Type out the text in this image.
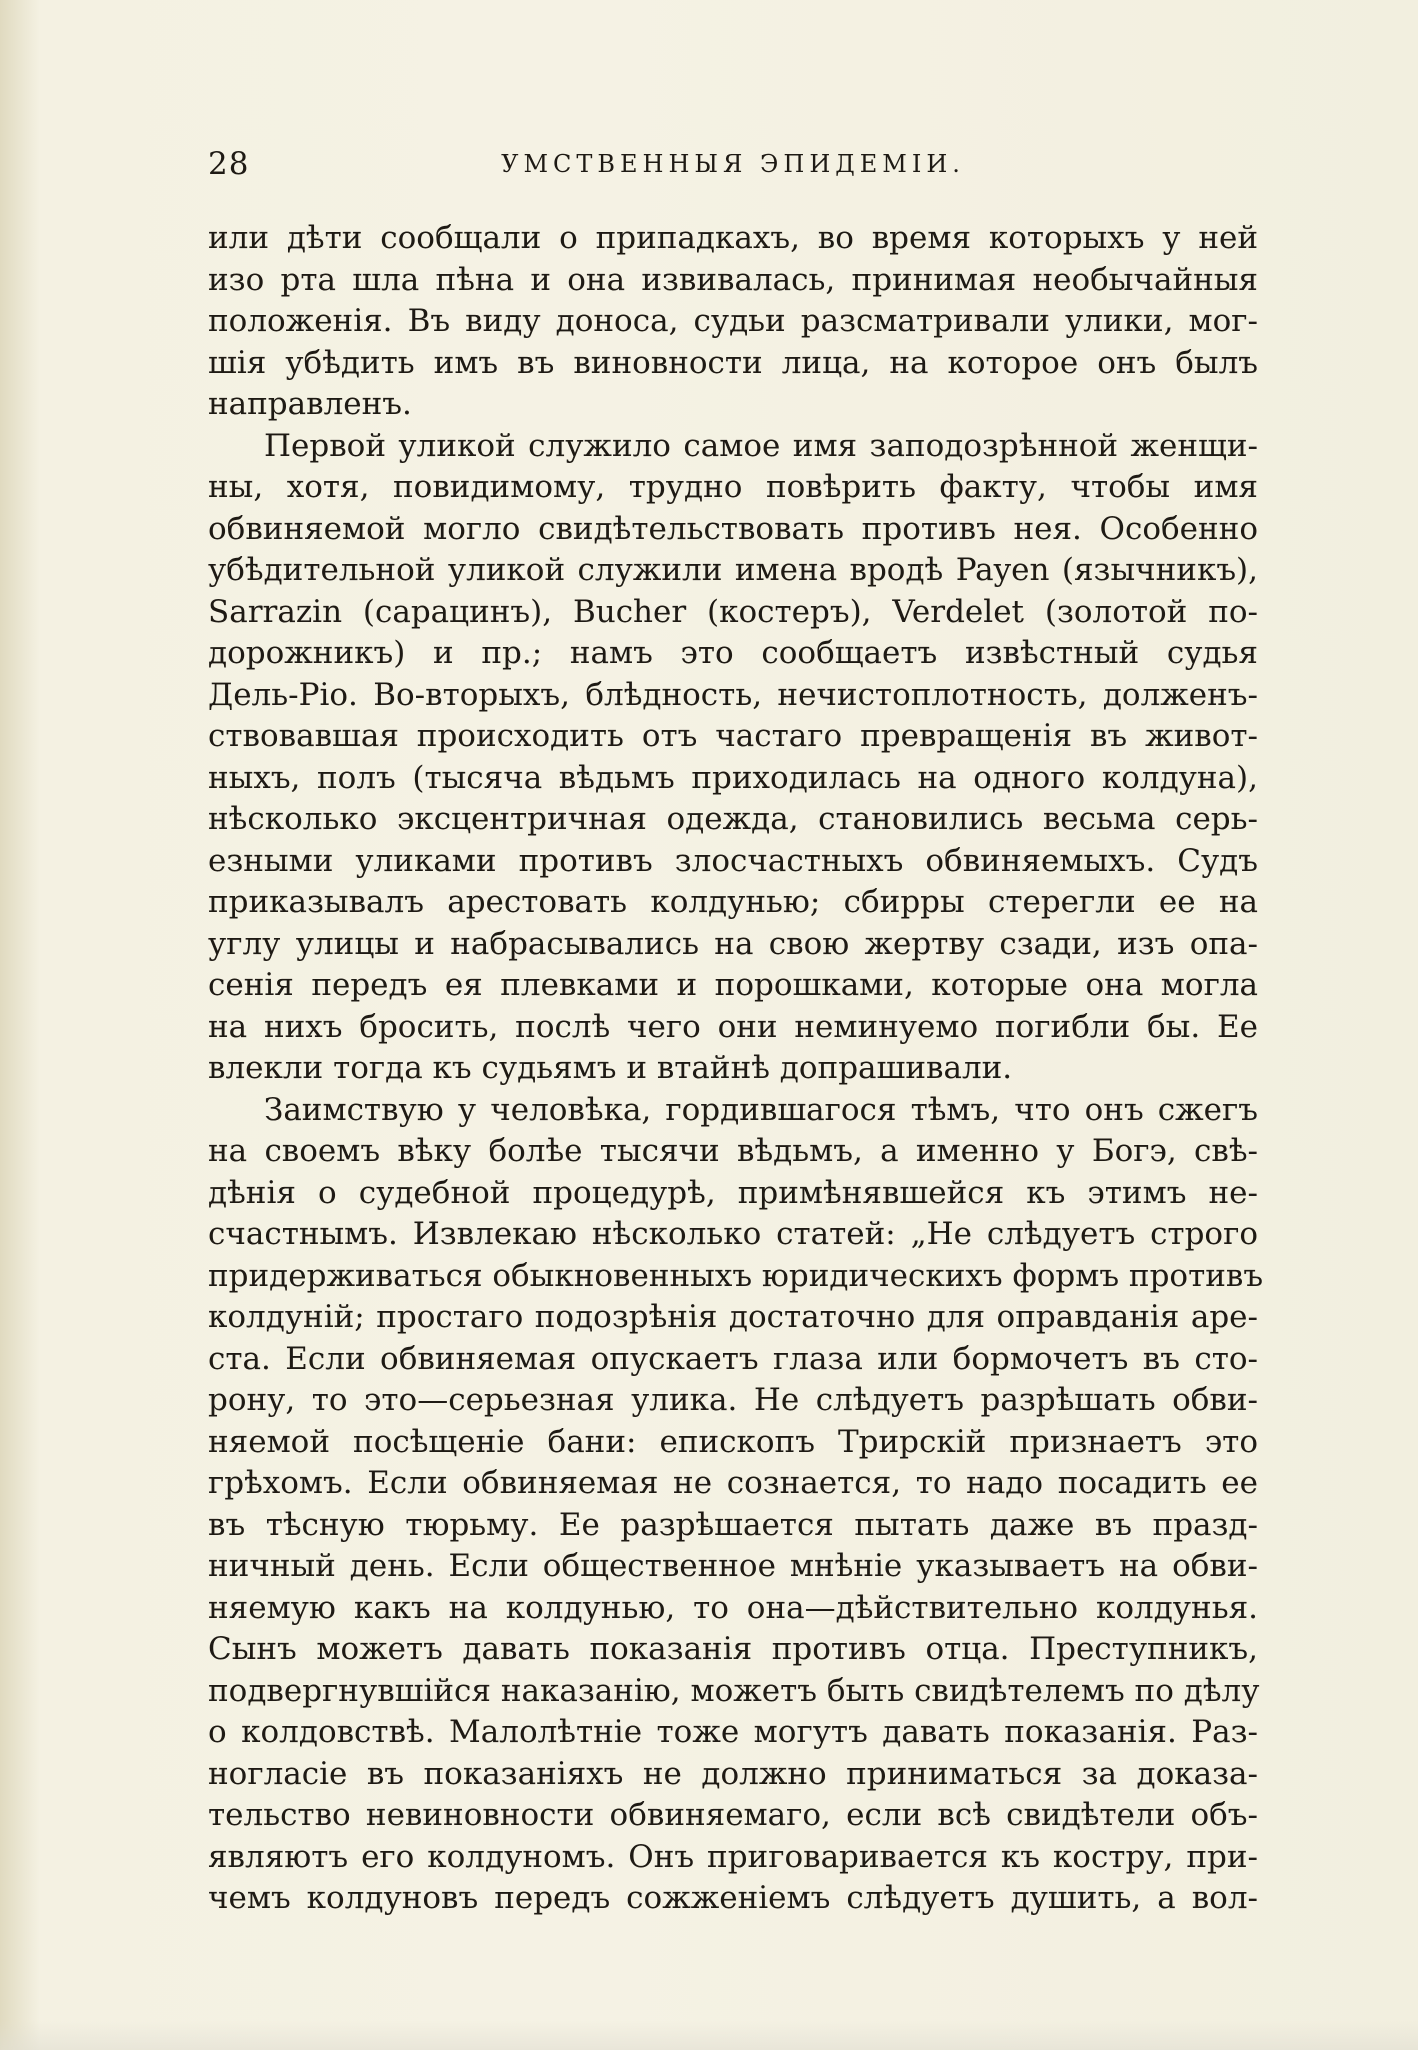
28	УМСТВЕННЫЯ ЭПИДЕМІИ.
или дѣти сообщали о припадкахъ, во время которыхъ у ней
изо рта шла пѣна и она извивалась, принимая необычайныя
положенія. Въ виду доноса, судьи разсматривали улики, мог-
шія убѣдить имъ въ виновности лица, на которое онъ былъ
направленъ.
Первой уликой служило самое имя заподозрѣнной женщи-
ны, хотя, повидимому, трудно повѣрить факту, чтобы имя
обвиняемой могло свидѣтельствовать противъ нея. Особенно
убѣдительной уликой служили имена вродѣ Payen (язычникъ),
Sarrazin (сарацинъ), Bucher (костеръ), Verdelet (золотой по-
дорожникъ) и пр.; намъ это сообщаетъ извѣстный судья
Дель-Ріо. Во-вторыхъ, блѣдность, нечистоплотность, долженъ-
ствовавшая происходить отъ частаго превращенія въ живот-
ныхъ, полъ (тысяча вѣдьмъ приходилась на одного колдуна),
нѣсколько эксцентричная одежда, становились весьма серь-
езными уликами противъ злосчастныхъ обвиняемыхъ. Судъ
приказывалъ арестовать колдунью; сбирры стерегли ее на
углу улицы и набрасывались на свою жертву сзади, изъ опа-
сенія передъ ея плевками и порошками, которые она могла
на нихъ бросить, послѣ чего они неминуемо погибли бы. Ее
влекли тогда къ судьямъ и втайнѣ допрашивали.
Заимствую у человѣка, гордившагося тѣмъ, что онъ сжегъ
на своемъ вѣку болѣе тысячи вѣдьмъ, а именно у Богэ, свѣ-
дѣнія о судебной процедурѣ, примѣнявшейся къ этимъ не-
счастнымъ. Извлекаю нѣсколько статей: „Не слѣдуетъ строго
придерживаться обыкновенныхъ юридическихъ формъ противъ
колдуній; простаго подозрѣнія достаточно для оправданія аре-
ста. Если обвиняемая опускаетъ глаза или бормочетъ въ сто-
рону, то это—серьезная улика. Не слѣдуетъ разрѣшать обви-
няемой посѣщеніе бани: епископъ Трирскій признаетъ это
грѣхомъ. Если обвиняемая не сознается, то надо посадить ее
въ тѣсную тюрьму. Ее разрѣшается пытать даже въ празд-
ничный день. Если общественное мнѣніе указываетъ на обви-
няемую какъ на колдунью, то она—дѣйствительно колдунья.
Сынъ можетъ давать показанія противъ отца. Преступникъ,
подвергнувшійся наказанію, можетъ быть свидѣтелемъ по дѣлу
о колдовствѣ. Малолѣтніе тоже могутъ давать показанія. Раз-
ногласіе въ показаніяхъ не должно приниматься за доказа-
тельство невиновности обвиняемаго, если всѣ свидѣтели объ-
являютъ его колдуномъ. Онъ приговаривается къ костру, при-
чемъ колдуновъ передъ сожженіемъ слѣдуетъ душить, а вол-
